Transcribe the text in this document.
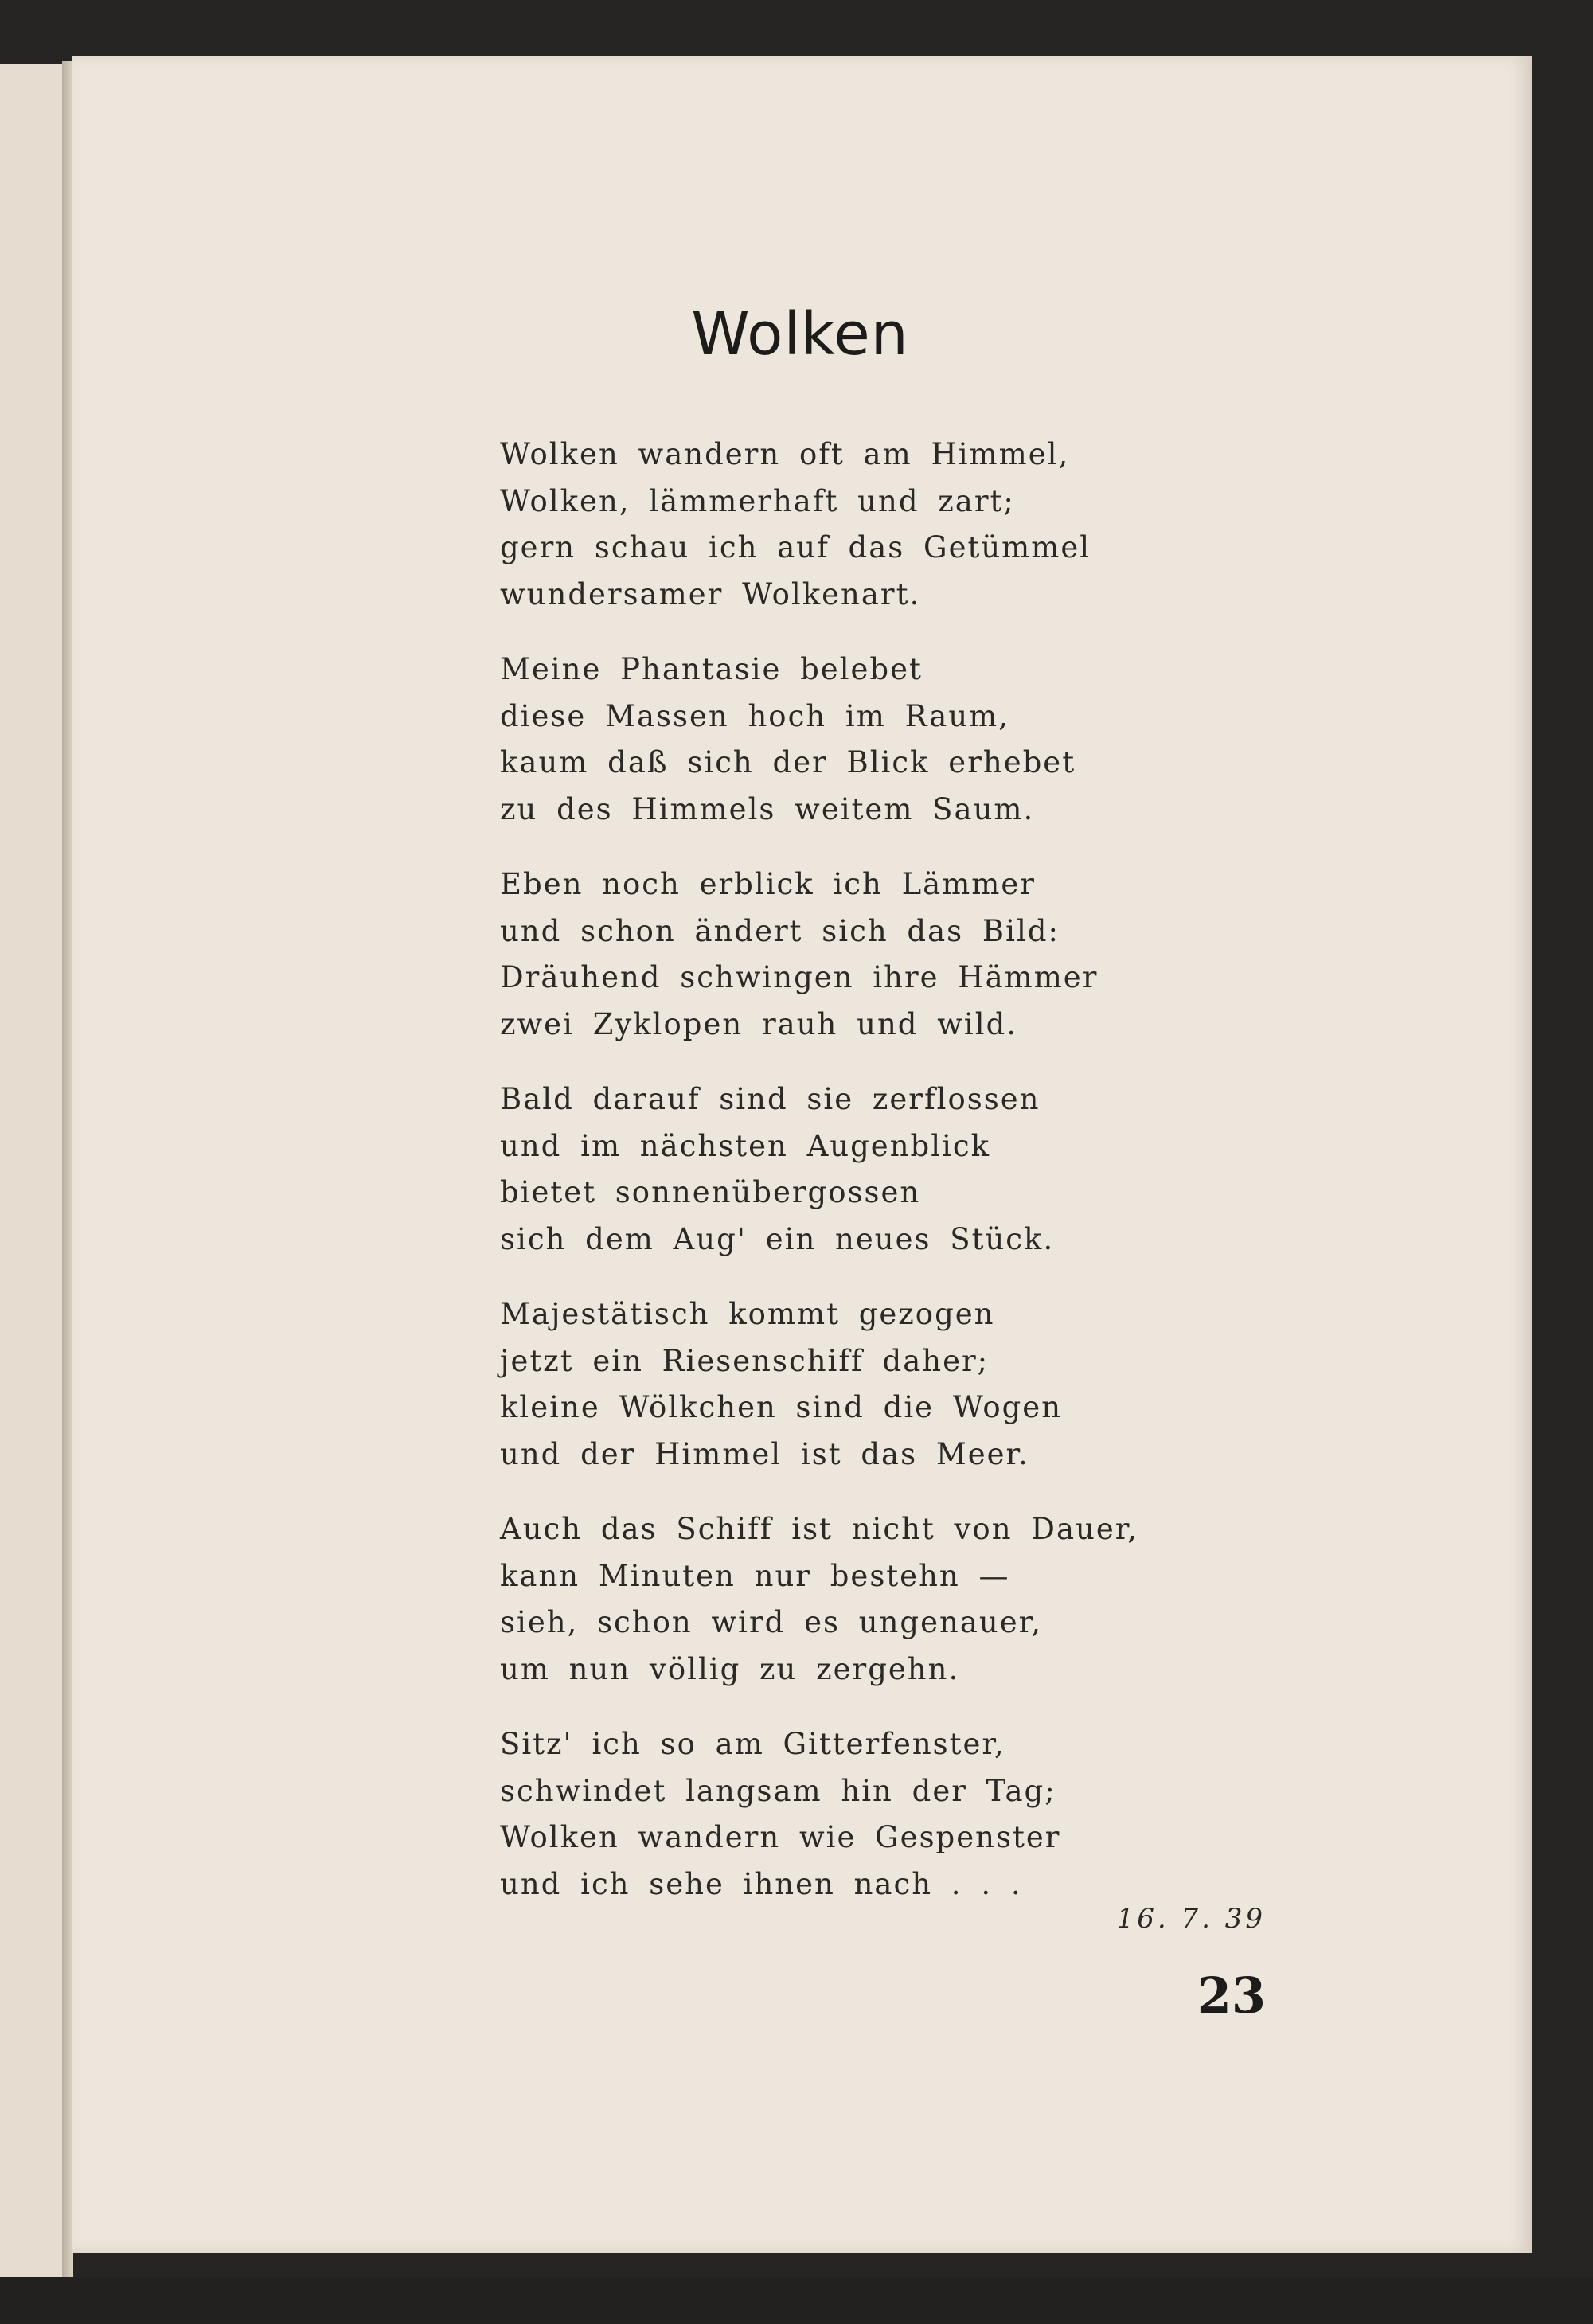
Wolken
Wolken wandern oft am Himmel,
Wolken, lämmerhaft und zart;
gern schau ich auf das Getümmel
wundersamer Wolkenart.
Meine Phantasie belebet
diese Massen hoch im Raum,
kaum daß sich der Blick erhebet
zu des Himmels weitem Saum.
Eben noch erblick ich Lämmer
und schon ändert sich das Bild:
Dräuhend schwingen ihre Hämmer
zwei Zyklopen rauh und wild.
Bald darauf sind sie zerflossen
und im nächsten Augenblick
bietet sonnenübergossen
sich dem Aug' ein neues Stück.
Majestätisch kommt gezogen
jetzt ein Riesenschiff daher;
kleine Wölkchen sind die Wogen
und der Himmel ist das Meer.
Auch das Schiff ist nicht von Dauer,
kann Minuten nur bestehn —
sieh, schon wird es ungenauer,
um nun völlig zu zergehn.
Sitz' ich so am Gitterfenster,
schwindet langsam hin der Tag;
Wolken wandern wie Gespenster
und ich sehe ihnen nach . . .
16. 7. 39
23
